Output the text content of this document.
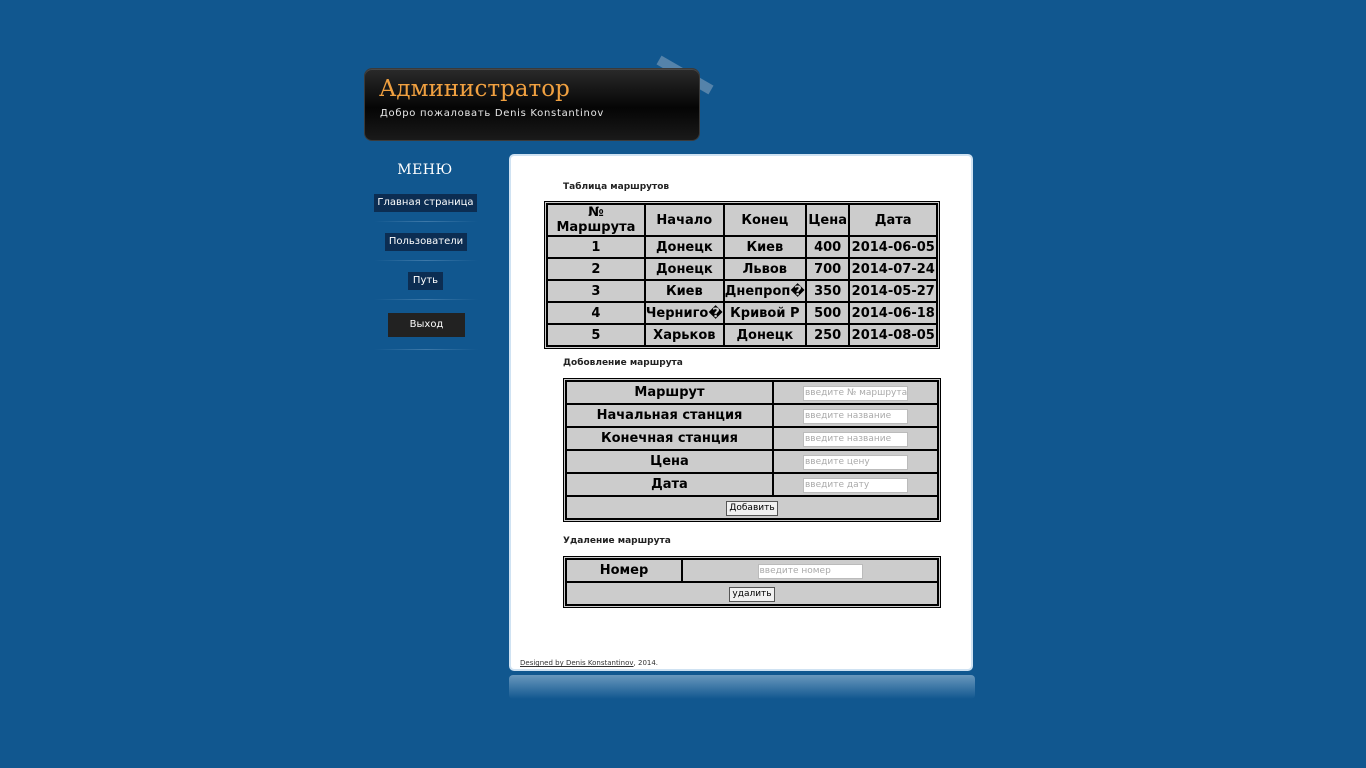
Администратор
Добро пожаловать Denis Konstantinov
МЕНЮ
Главная страница
Пользователи
Путь
Выход
Таблица маршрутов
№ Маршрута	Начало	Конец	Цена	Дата
1	Донецк	Киев	400	2014-06-05
2	Донецк	Львов	700	2014-07-24
3	Киев	Днепроп�	350	2014-05-27
4	Черниго�	Кривой Р	500	2014-06-18
5	Харьков	Донецк	250	2014-08-05
Добовление маршрута
Маршрут	введите № маршрута
Начальная станция	введите название
Конечная станция	введите название
Цена	введите цену
Дата	введите дату
Добавить	
Удаление маршрута
Номер	введите номер
удалить
Designed by Denis Konstantinov, 2014.
